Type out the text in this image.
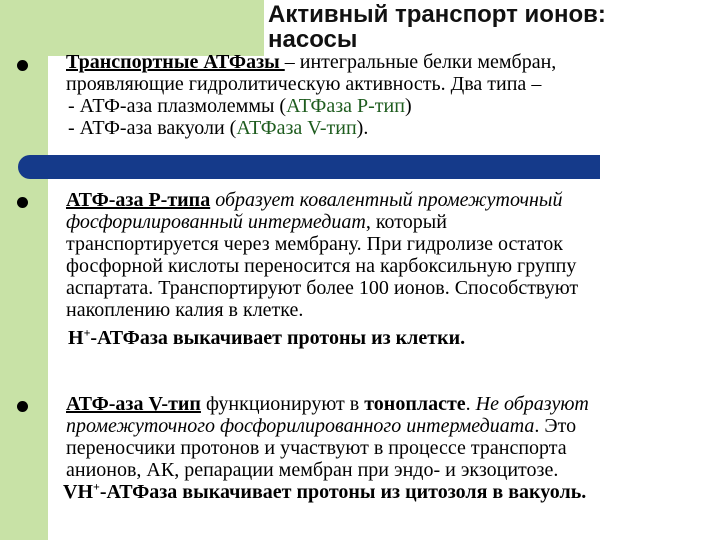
Активный транспорт ионов:
насосы
Транспортные АТФазы – интегральные белки мембран,
проявляющие гидролитическую активность. Два типа –
- АТФ-аза плазмолеммы (АТФаза Р-тип)
- АТФ-аза вакуоли (АТФаза V-тип).
АТФ-аза Р-типа образует ковалентный промежуточный
фосфорилированный интермедиат, который
транспортируется через мембрану. При гидролизе остаток
фосфорной кислоты переносится на карбоксильную группу
аспартата. Транспортируют более 100 ионов. Способствуют
накоплению калия в клетке.
Н+-АТФаза выкачивает протоны из клетки.
АТФ-аза V-тип функционируют в тонопласте. Не образуют
промежуточного фосфорилированного интермедиата. Это
переносчики протонов и участвуют в процессе транспорта
анионов, АК, репарации мембран при эндо- и экзоцитозе.
VН+-АТФаза выкачивает протоны из цитозоля в вакуоль.
